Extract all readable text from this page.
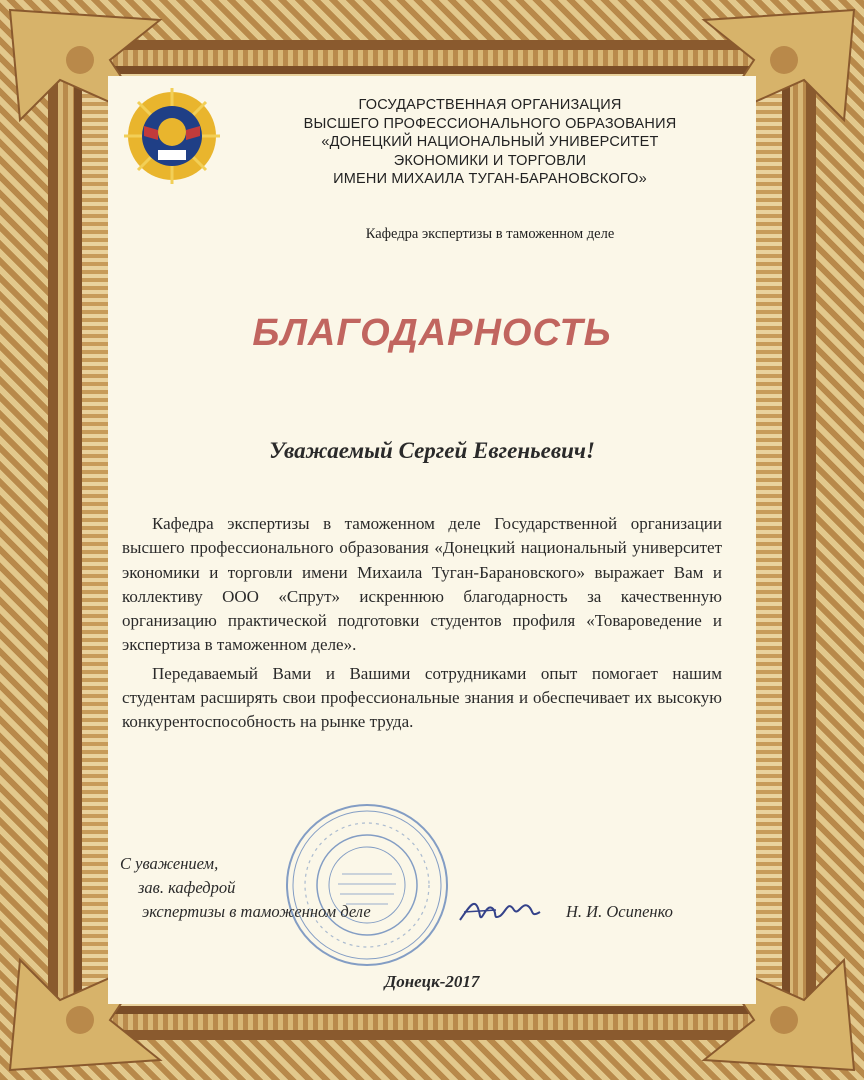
ГОСУДАРСТВЕННАЯ ОРГАНИЗАЦИЯ
ВЫСШЕГО ПРОФЕССИОНАЛЬНОГО ОБРАЗОВАНИЯ
«ДОНЕЦКИЙ НАЦИОНАЛЬНЫЙ УНИВЕРСИТЕТ
ЭКОНОМИКИ И ТОРГОВЛИ
ИМЕНИ МИХАИЛА ТУГАН-БАРАНОВСКОГО»
Кафедра экспертизы в таможенном деле
БЛАГОДАРНОСТЬ
Уважаемый Сергей Евгеньевич!

Кафедра экспертизы в таможенном деле Государственной организации высшего профессионального образования «Донецкий национальный университет экономики и торговли имени Михаила Туган-Барановского» выражает Вам и коллективу ООО «Спрут» искреннюю благодарность за качественную организацию практической подготовки студентов профиля «Товароведение и экспертиза в таможенном деле».

Передаваемый Вами и Вашими сотрудниками опыт помогает нашим студентам расширять свои профессиональные знания и обеспечивает их высокую конкурентоспособность на рынке труда.

С уважением,
зав. кафедрой
экспертизы в таможенном деле	Н. И. Осипенко
Донецк-2017
